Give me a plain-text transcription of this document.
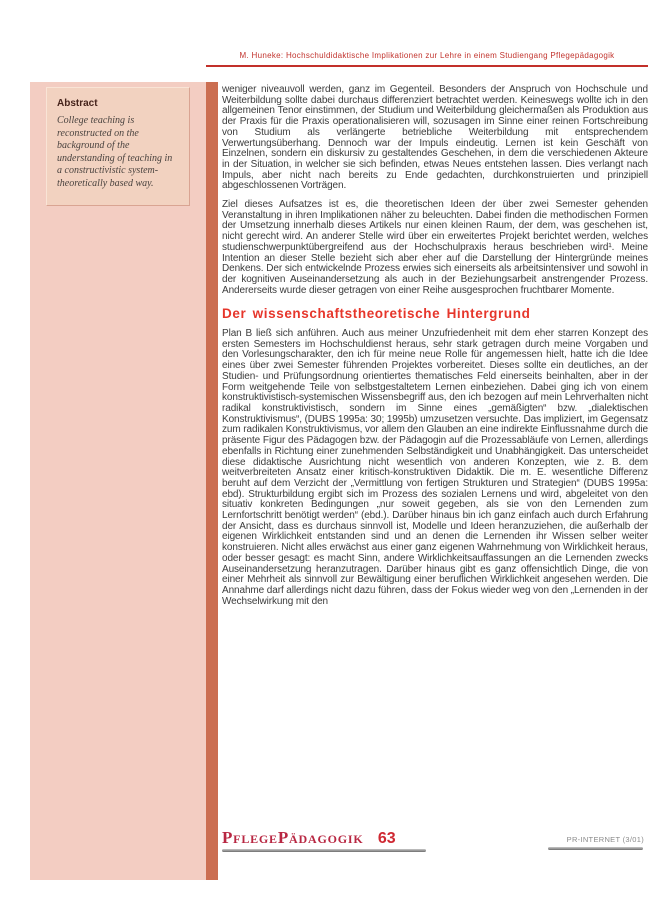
M. Huneke: Hochschuldidaktische Implikationen zur Lehre in einem Studiengang Pflegepädagogik

Abstract

College teaching is reconstructed on the background of the understanding of teaching in a constructivistic system-theoretically based way.

weniger niveauvoll werden, ganz im Gegenteil. Besonders der Anspruch von Hochschule und Weiterbildung sollte dabei durchaus differenziert betrachtet werden. Keineswegs wollte ich in den allgemeinen Tenor einstimmen, der Studium und Weiterbildung gleichermaßen als Produktion aus der Praxis für die Praxis operationalisieren will, sozusagen im Sinne einer reinen Fortschreibung von Studium als verlängerte betriebliche Weiterbildung mit entsprechendem Verwertungsüberhang. Dennoch war der Impuls eindeutig. Lernen ist kein Geschäft von Einzelnen, sondern ein diskursiv zu gestaltendes Geschehen, in dem die verschiedenen Akteure in der Situation, in welcher sie sich befinden, etwas Neues entstehen lassen. Dies verlangt nach Impuls, aber nicht nach bereits zu Ende gedachten, durchkonstruierten und prinzipiell abgeschlossenen Vorträgen.

Ziel dieses Aufsatzes ist es, die theoretischen Ideen der über zwei Semester gehenden Veranstaltung in ihren Implikationen näher zu beleuchten. Dabei finden die methodischen Formen der Umsetzung innerhalb dieses Artikels nur einen kleinen Raum, der dem, was geschehen ist, nicht gerecht wird. An anderer Stelle wird über ein erweitertes Projekt berichtet werden, welches studienschwerpunktübergreifend aus der Hochschulpraxis heraus beschrieben wird¹. Meine Intention an dieser Stelle bezieht sich aber eher auf die Darstellung der Hintergründe meines Denkens. Der sich entwickelnde Prozess erwies sich einerseits als arbeitsintensiver und sowohl in der kognitiven Auseinandersetzung als auch in der Beziehungsarbeit anstrengender Prozess. Andererseits wurde dieser getragen von einer Reihe ausgesprochen fruchtbarer Momente.

Der wissenschaftstheoretische Hintergrund

Plan B ließ sich anführen. Auch aus meiner Unzufriedenheit mit dem eher starren Konzept des ersten Semesters im Hochschuldienst heraus, sehr stark getragen durch meine Vorgaben und den Vorlesungscharakter, den ich für meine neue Rolle für angemessen hielt, hatte ich die Idee eines über zwei Semester führenden Projektes vorbereitet. Dieses sollte ein deutliches, an der Studien- und Prüfungsordnung orientiertes thematisches Feld einerseits beinhalten, aber in der Form weitgehende Teile von selbstgestaltetem Lernen einbeziehen. Dabei ging ich von einem konstruktivistisch-systemischen Wissensbegriff aus, den ich bezogen auf mein Lehrverhalten nicht radikal konstruktivistisch, sondern im Sinne eines „gemäßigten“ bzw. „dialektischen Konstruktivismus“, (DUBS 1995a: 30; 1995b) umzusetzen versuchte. Das impliziert, im Gegensatz zum radikalen Konstruktivismus, vor allem den Glauben an eine indirekte Einflussnahme durch die präsente Figur des Pädagogen bzw. der Pädagogin auf die Prozessabläufe von Lernen, allerdings ebenfalls in Richtung einer zunehmenden Selbständigkeit und Unabhängigkeit. Das unterscheidet diese didaktische Ausrichtung nicht wesentlich von anderen Konzepten, wie z. B. dem weitverbreiteten Ansatz einer kritisch-konstruktiven Didaktik. Die m. E. wesentliche Differenz beruht auf dem Verzicht der „Vermittlung von fertigen Strukturen und Strategien“ (DUBS 1995a: ebd). Strukturbildung ergibt sich im Prozess des sozialen Lernens und wird, abgeleitet von den situativ konkreten Bedingungen „nur soweit gegeben, als sie von den Lernenden zum Lernfortschritt benötigt werden“ (ebd.). Darüber hinaus bin ich ganz einfach auch durch Erfahrung der Ansicht, dass es durchaus sinnvoll ist, Modelle und Ideen heranzuziehen, die außerhalb der eigenen Wirklichkeit entstanden sind und an denen die Lernenden ihr Wissen selber weiter konstruieren. Nicht alles erwächst aus einer ganz eigenen Wahrnehmung von Wirklichkeit heraus, oder besser gesagt: es macht Sinn, andere Wirklichkeitsauffassungen an die Lernenden zwecks Auseinandersetzung heranzutragen. Darüber hinaus gibt es ganz offensichtlich Dinge, die von einer Mehrheit als sinnvoll zur Bewältigung einer beruflichen Wirklichkeit angesehen werden. Die Annahme darf allerdings nicht dazu führen, dass der Fokus wieder weg von den „Lernenden in der Wechselwirkung mit den

PflegePädagogik 63	PR-INTERNET (3/01)
